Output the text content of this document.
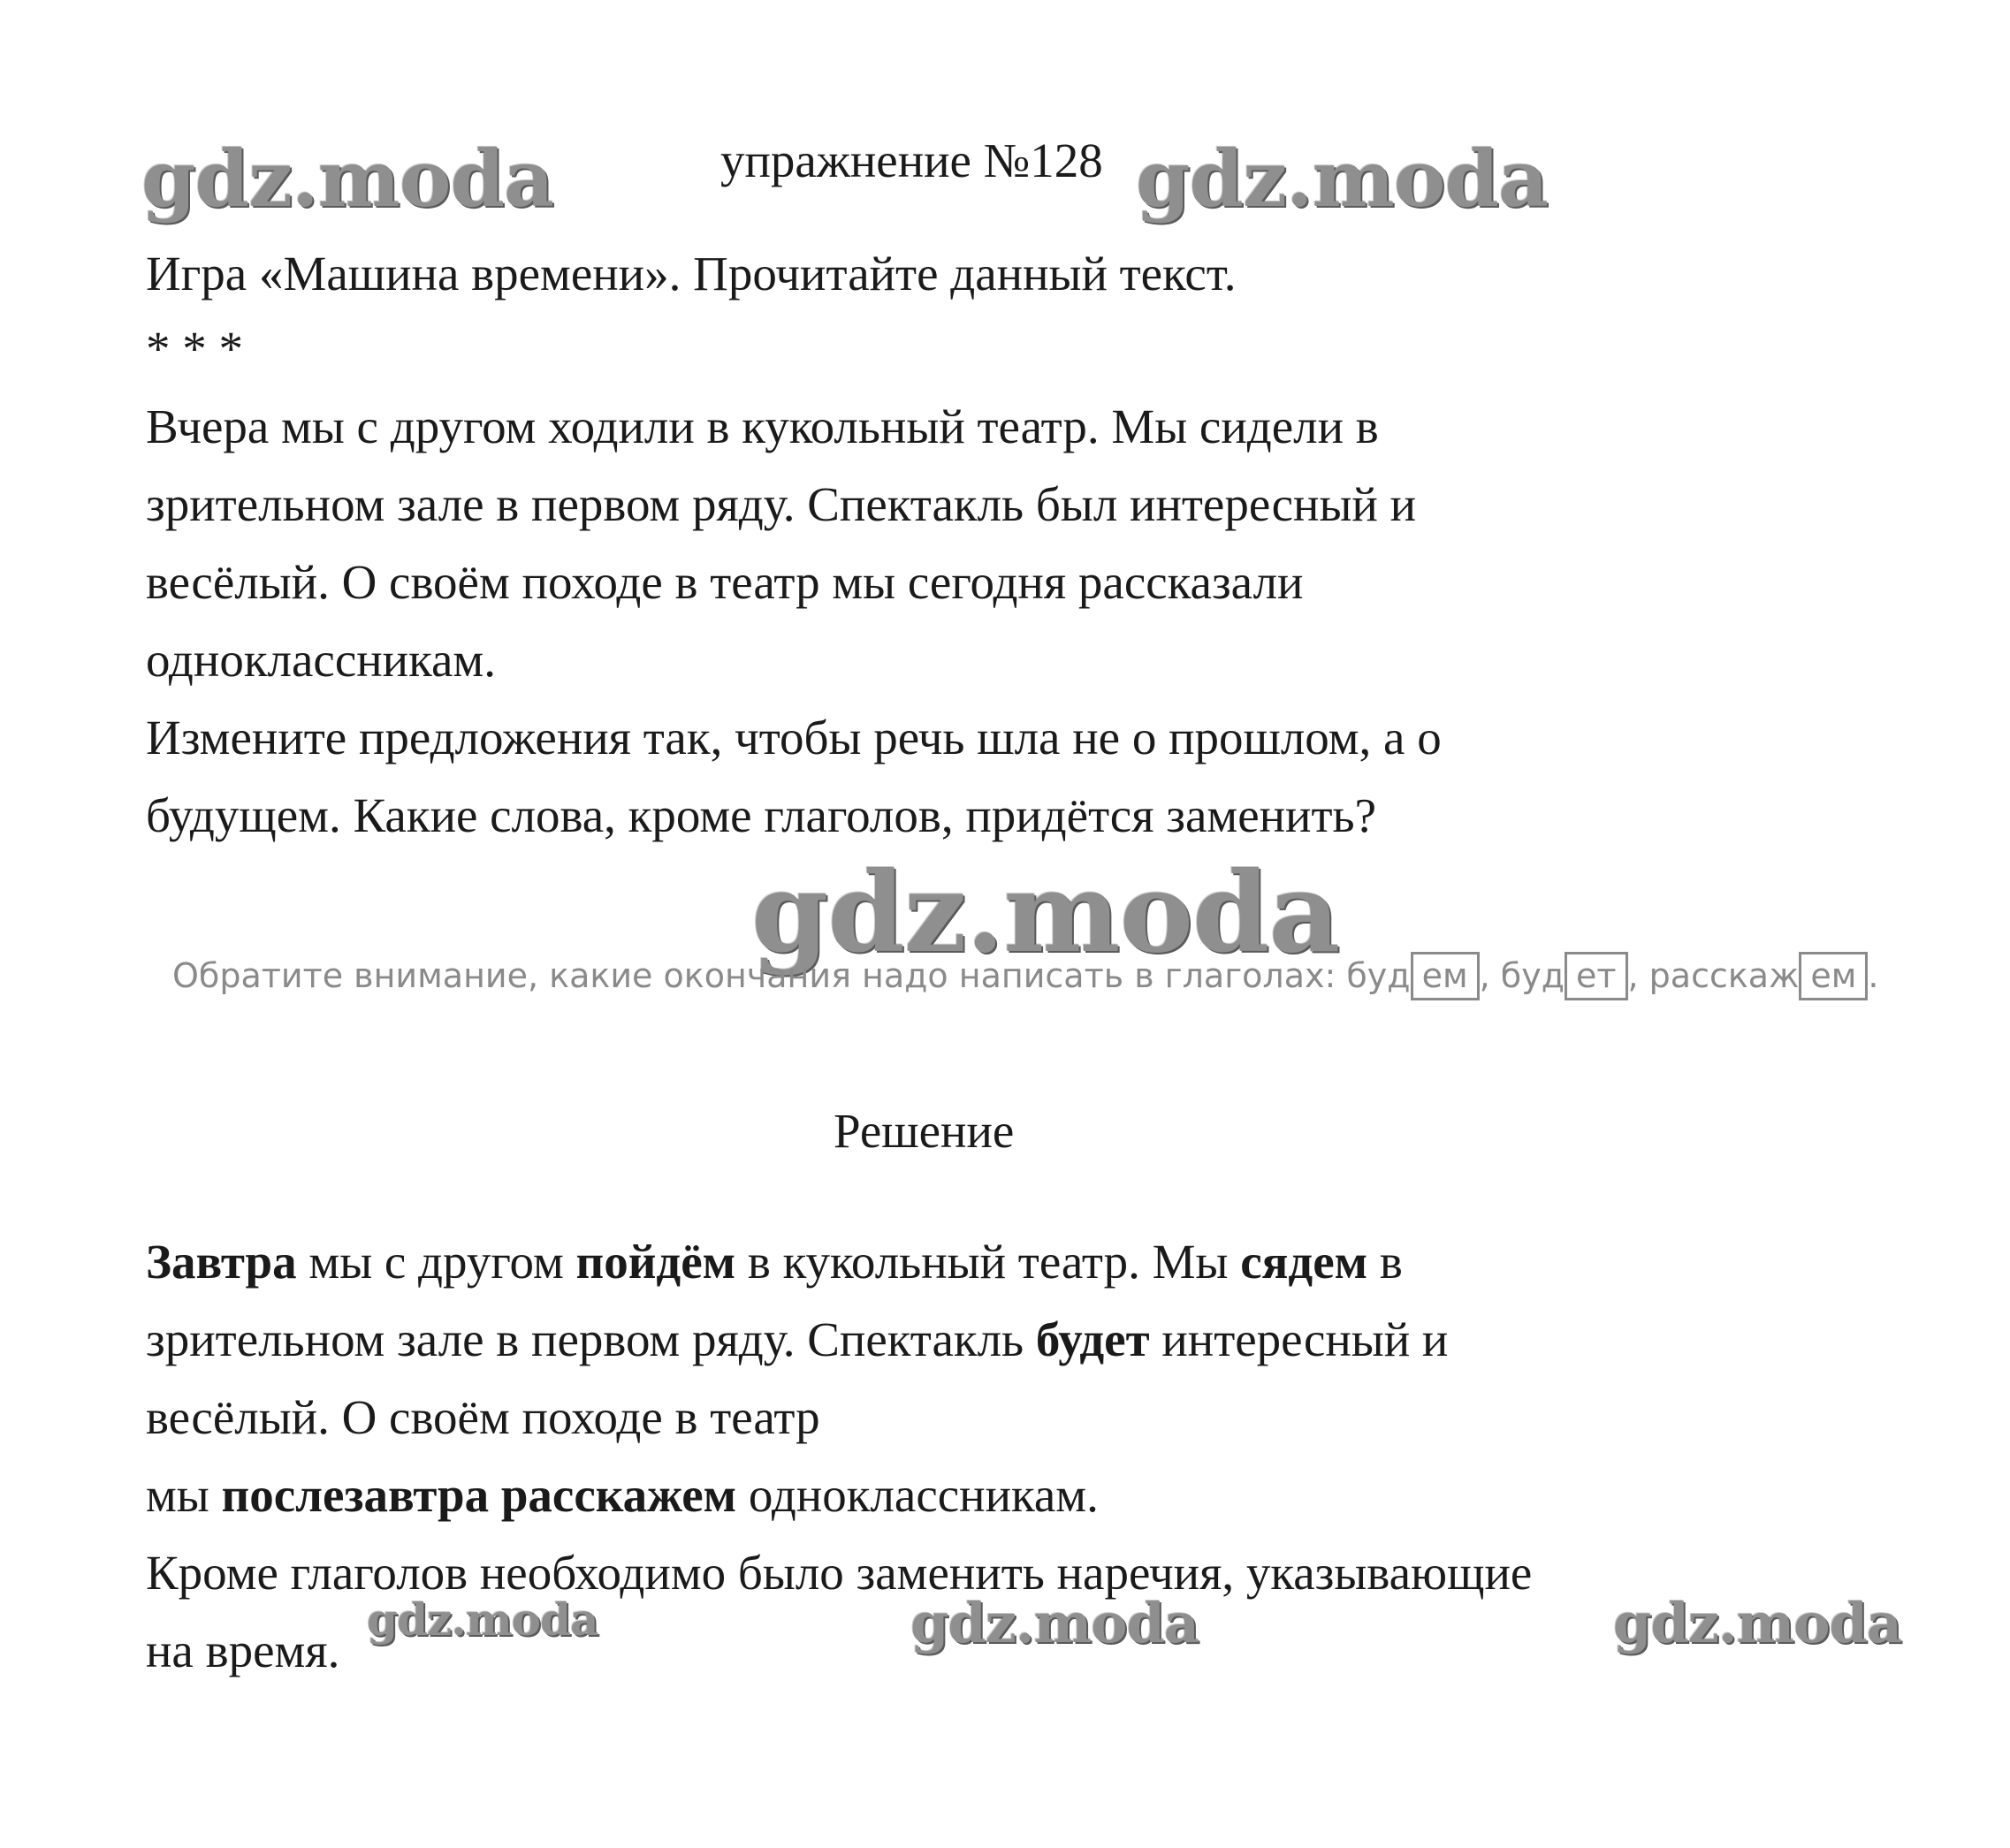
gdz.moda	gdz.moda
gdz.moda
gdz.moda	gdz.moda	gdz.moda
упражнение №128
Игра «Машина времени». Прочитайте данный текст.
* * *
Вчера мы с другом ходили в кукольный театр. Мы сидели в
зрительном зале в первом ряду. Спектакль был интересный и
весёлый. О своём походе в театр мы сегодня рассказали
одноклассникам.
Измените предложения так, чтобы речь шла не о прошлом, а о
будущем. Какие слова, кроме глаголов, придётся заменить?
Обратите внимание, какие окончания надо написать в глаголах: буд ем , буд ет , расскаж ем .
Решение
Завтра мы с другом пойдём в кукольный театр. Мы сядем в
зрительном зале в первом ряду. Спектакль будет интересный и
весёлый. О своём походе в театр
мы послезавтра расскажем одноклассникам.
Кроме глаголов необходимо было заменить наречия, указывающие
на время.
